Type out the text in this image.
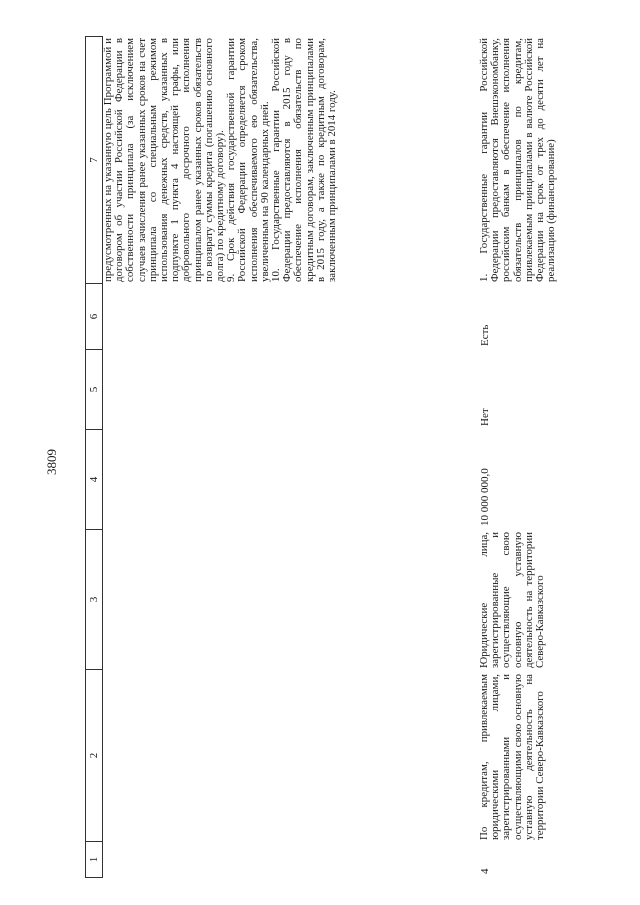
3809
1
2
3
4
5
6
7 предусмотренных на указанную цель Программой и договором об участии Российской Федерации в собственности принципала (за исключением случаев зачисления ранее указанных сроков на счет принципала со специальным режимом использования денежных средств, указанных в подпункте 1 пункта 4 настоящей графы, или добровольного досрочного исполнения принципалом ранее указанных сроков обязательств по возврату суммы кредита (погашению основного долга) по кредитному договору). 9. Срок действия государственной гарантии Российской Федерации определяется сроком исполнения обеспечиваемого ею обязательства, увеличенным на 90 календарных дней. 10. Государственные гарантии Российской Федерации предоставляются в 2015 году в обеспечение исполнения обязательств по кредитным договорам, заключенным принципалами в 2015 году, а также по кредитным договорам, заключенным принципалами в 2014 году.

4
По кредитам, привлекаемым юридическими лицами, зарегистрированными и осуществляющими свою основную уставную деятельность на территории Северо-Кавказского
Юридические лица, зарегистрированные и осуществляющие свою основную уставную деятельность на территории Северо-Кавказского
10 000 000,0
Нет
Есть
1. Государственные гарантии Российской Федерации предоставляются Внешэкономбанку, российским банкам в обеспечение исполнения обязательств принципалов по кредитам, привлекаемым принципалами в валюте Российской Федерации на срок от трех до десяти лет на реализацию (финансирование)
